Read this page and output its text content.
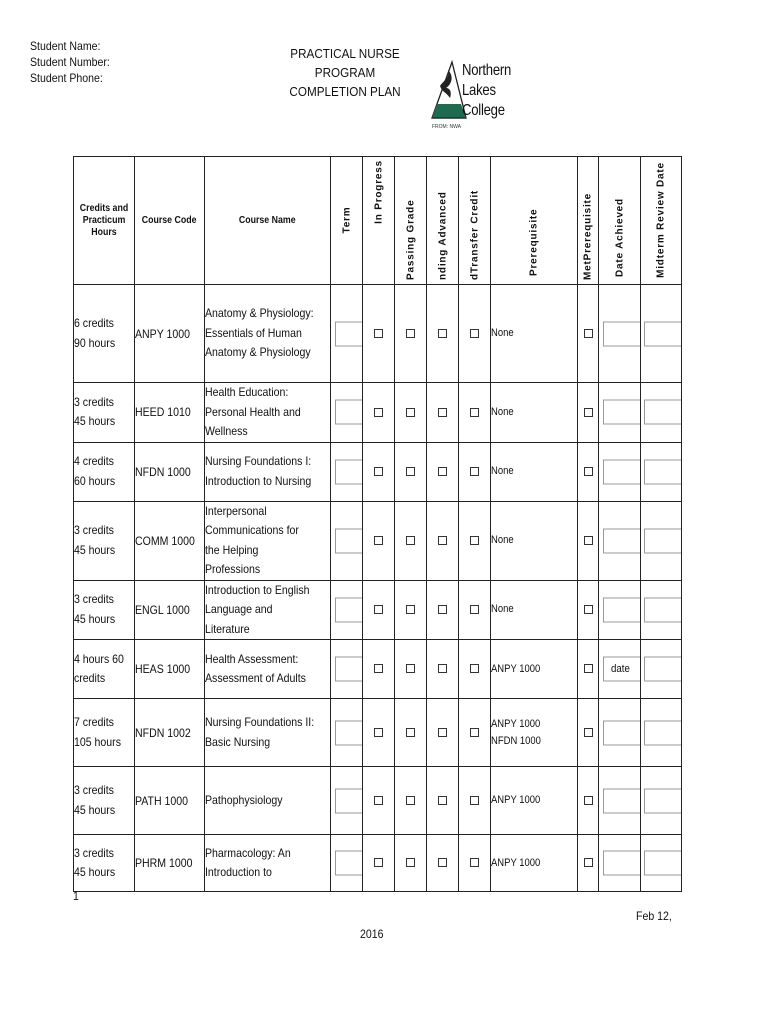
Student Name:
Student Number:
Student Phone:
PRACTICAL NURSE PROGRAM
COMPLETION PLAN
Northern
Lakes
College
FROM: NWA
Credits and Practicum Hours	Course Code	Course Name	Term	In Progress	Passing Grade	nding Advanced	dTransfer Credit	Prerequisite	MetPrerequisite	Date Achieved	Midterm Review Date

6 credits 90 hours	ANPY 1000	Anatomy & Physiology: Essentials of Human Anatomy & Physiology						None		

3 credits 45 hours	HEED 1010	Health Education: Personal Health and Wellness						None		

4 credits 60 hours	NFDN 1000	Nursing Foundations I: Introduction to Nursing						None		

3 credits 45 hours	COMM 1000	Interpersonal Communications for the Helping Professions						None		

3 credits 45 hours	ENGL 1000	Introduction to English Language and Literature						None		

4 hours 60 credits	HEAS 1000	Health Assessment: Assessment of Adults						ANPY 1000		date	

7 credits 105 hours	NFDN 1002	Nursing Foundations II: Basic Nursing						ANPY 1000
NFDN 1000		

3 credits 45 hours	PATH 1000	Pathophysiology						ANPY 1000		

3 credits 45 hours	PHRM 1000	Pharmacology: An Introduction to						ANPY 1000		

1
Feb 12,
2016
